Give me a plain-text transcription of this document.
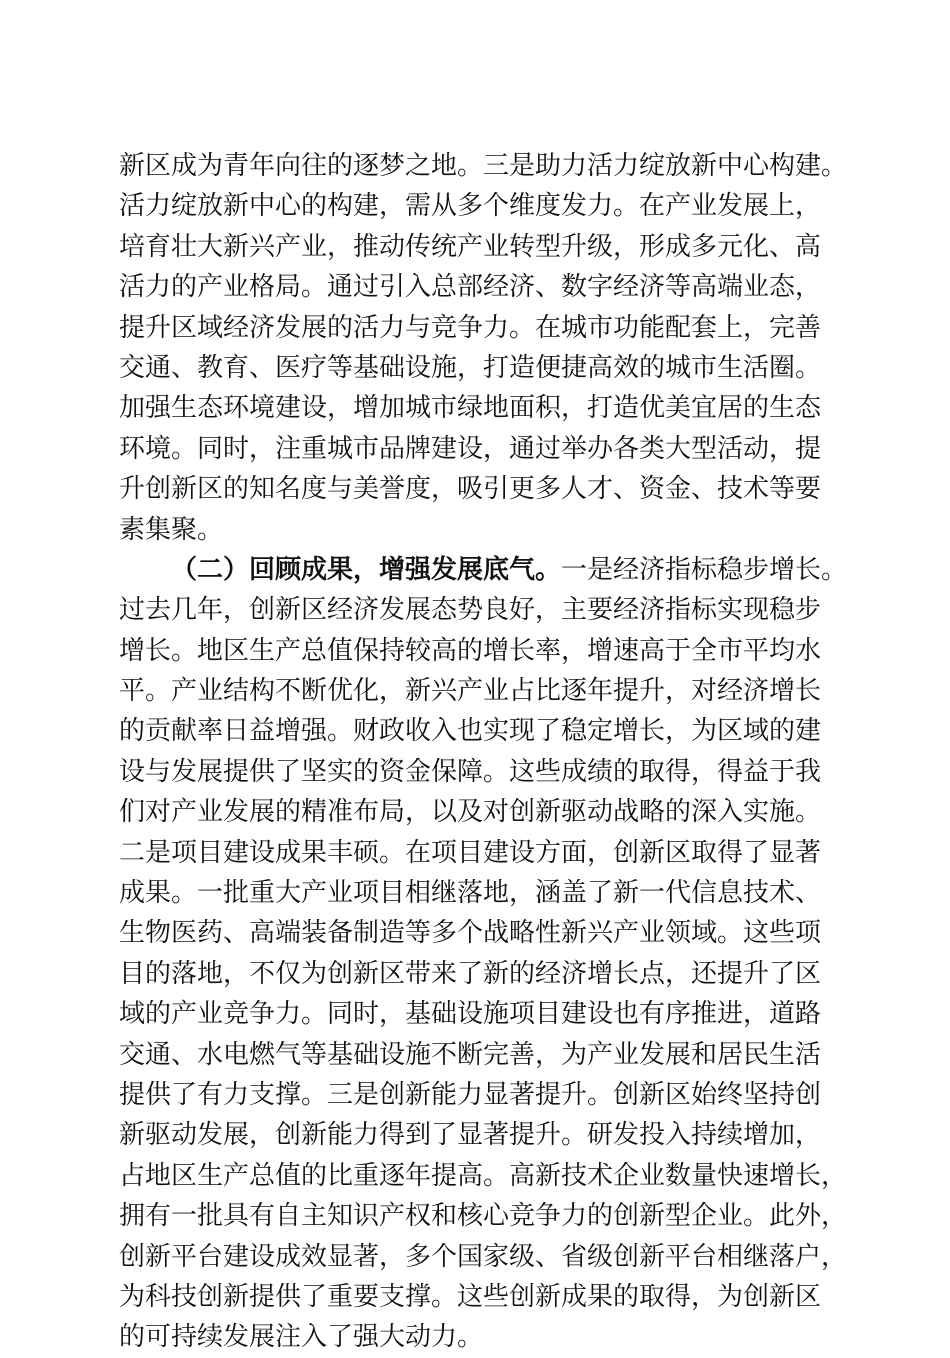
新区成为青年向往的逐梦之地。三是助力活力绽放新中心构建。
活力绽放新中心的构建，需从多个维度发力。在产业发展上，
培育壮大新兴产业，推动传统产业转型升级，形成多元化、高
活力的产业格局。通过引入总部经济、数字经济等高端业态，
提升区域经济发展的活力与竞争力。在城市功能配套上，完善
交通、教育、医疗等基础设施，打造便捷高效的城市生活圈。
加强生态环境建设，增加城市绿地面积，打造优美宜居的生态
环境。同时，注重城市品牌建设，通过举办各类大型活动，提
升创新区的知名度与美誉度，吸引更多人才、资金、技术等要
素集聚。
（二）回顾成果，增强发展底气。一是经济指标稳步增长。
过去几年，创新区经济发展态势良好，主要经济指标实现稳步
增长。地区生产总值保持较高的增长率，增速高于全市平均水
平。产业结构不断优化，新兴产业占比逐年提升，对经济增长
的贡献率日益增强。财政收入也实现了稳定增长，为区域的建
设与发展提供了坚实的资金保障。这些成绩的取得，得益于我
们对产业发展的精准布局，以及对创新驱动战略的深入实施。
二是项目建设成果丰硕。在项目建设方面，创新区取得了显著
成果。一批重大产业项目相继落地，涵盖了新一代信息技术、
生物医药、高端装备制造等多个战略性新兴产业领域。这些项
目的落地，不仅为创新区带来了新的经济增长点，还提升了区
域的产业竞争力。同时，基础设施项目建设也有序推进，道路
交通、水电燃气等基础设施不断完善，为产业发展和居民生活
提供了有力支撑。三是创新能力显著提升。创新区始终坚持创
新驱动发展，创新能力得到了显著提升。研发投入持续增加，
占地区生产总值的比重逐年提高。高新技术企业数量快速增长，
拥有一批具有自主知识产权和核心竞争力的创新型企业。此外，
创新平台建设成效显著，多个国家级、省级创新平台相继落户，
为科技创新提供了重要支撑。这些创新成果的取得，为创新区
的可持续发展注入了强大动力。
